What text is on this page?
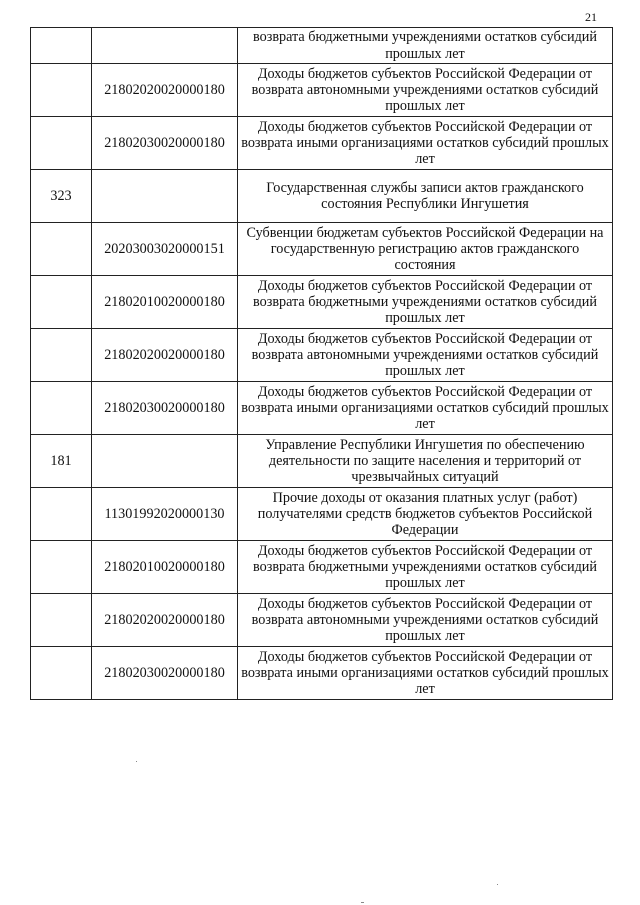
21
		возврата бюджетными учреждениями остатков субсидий прошлых лет
	21802020020000180	Доходы бюджетов субъектов Российской Федерации от возврата автономными учреждениями остатков субсидий прошлых лет
	21802030020000180	Доходы бюджетов субъектов Российской Федерации от возврата иными организациями остатков субсидий прошлых лет
323		Государственная службы записи актов гражданского состояния Республики Ингушетия
	20203003020000151	Субвенции бюджетам субъектов Российской Федерации на государственную регистрацию актов гражданского состояния
	21802010020000180	Доходы бюджетов субъектов Российской Федерации от возврата бюджетными учреждениями остатков субсидий прошлых лет
	21802020020000180	Доходы бюджетов субъектов Российской Федерации от возврата автономными учреждениями остатков субсидий прошлых лет
	21802030020000180	Доходы бюджетов субъектов Российской Федерации от возврата иными организациями остатков субсидий прошлых лет
181		Управление Республики Ингушетия по обеспечению деятельности по защите населения и территорий от чрезвычайных ситуаций
	11301992020000130	Прочие доходы от оказания платных услуг (работ) получателями средств бюджетов субъектов Российской Федерации
	21802010020000180	Доходы бюджетов субъектов Российской Федерации от возврата бюджетными учреждениями остатков субсидий прошлых лет
	21802020020000180	Доходы бюджетов субъектов Российской Федерации от возврата автономными учреждениями остатков субсидий прошлых лет
	21802030020000180	Доходы бюджетов субъектов Российской Федерации от возврата иными организациями остатков субсидий прошлых лет
